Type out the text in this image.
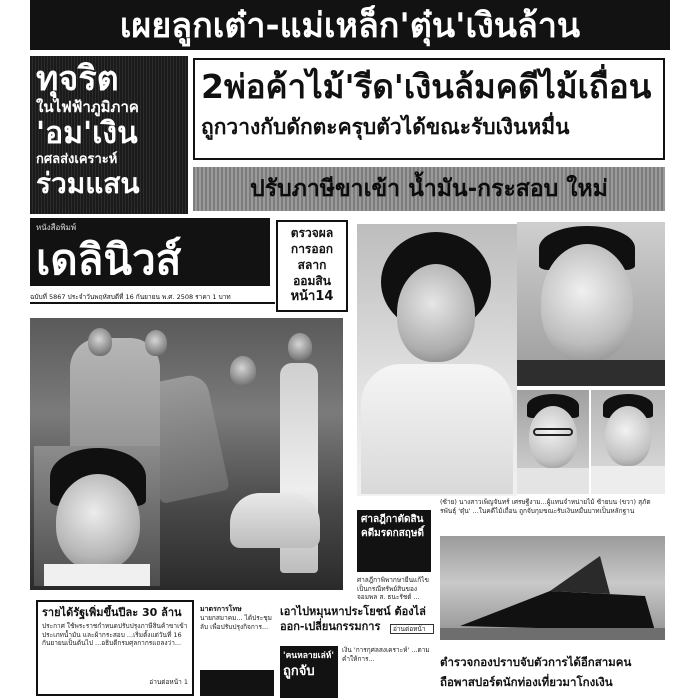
เผยลูกเต๋า-แม่เหล็ก'ตุ๋น'เงินล้าน
ทุจริต
ในไฟฟ้าภูมิภาค
'อม'เงิน
กศลส่งเคราะห์
ร่วมแสน
2พ่อค้าไม้'รีด'เงินล้มคดีไม้เถื่อน
ถูกวางกับดักตะครุบตัวได้ขณะรับเงินหมื่น
ปรับภาษีขาเข้า น้ำมัน-กระสอบ ใหม่
หนังสือพิมพ์
เดลินิวส์
ฉบับที่ 5867 ประจำวันพฤหัสบดีที่ 16 กันยายน พ.ศ. 2508 ราคา 1 บาท
ตรวจผล
การออก
สลาก
ออมสิน
หน้า14
(ซ้าย) นางสาวเพ็ญจันทร์ เศรษฐีงาม...ผู้แทนจำหน่ายไม้ ซ้ายบน (ขวา) สุภัตรพันธุ์ 'ตุ๋น' ...ในคดีไม้เถื่อน ถูกจับกุมขณะรับเงินหมื่นบาทเป็นหลักฐาน
ศาลฎีกาตัดสินคดีมรดกสฤษดิ์
ศาลฎีกาพิพากษายืนแก้ไขเป็นกรณีทรัพย์สินของ จอมพล ส. ธนะรัชต์ ...
อ่านต่อหน้า
รายได้รัฐเพิ่มขึ้นปีละ 30 ล้าน
ประกาศ ใช้พระราชกำหนดปรับปรุงภาษีสินค้าขาเข้าประเภทน้ำมัน และผ้ากระสอบ ...เริ่มตั้งแต่วันที่ 16 กันยายนเป็นต้นไป ...อธิบดีกรมศุลกากรแถลงว่า...
อ่านต่อหน้า 1
มาตรการโทษ
นายกสมาคม... ได้ประชุมลับ เพื่อปรับปรุงกิจการ...
เอาไปหมุนหาประโยชน์ ต้องไล่ออก-เปลี่ยนกรรมการ
'คนหลายเล่ห์'
ถูกจับ
เงิน 'การกุศลสงเคราะห์' ...ตามคำให้การ...	ตำรวจกองปราบจับตัวการได้อีกสามคน
ถือพาสปอร์ตนักท่องเที่ยวมาโกงเงิน
